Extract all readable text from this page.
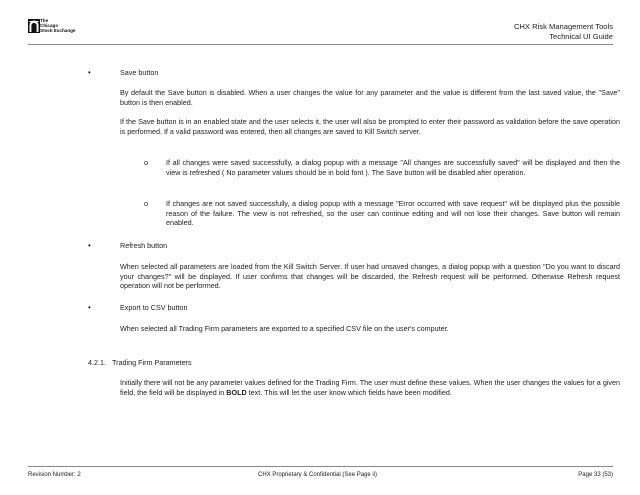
The
Chicago
Stock Exchange	CHX Risk Management Tools
Technical UI Guide
•	Save button
By default the Save button is disabled. When a user changes the value for any parameter and the value is different from the last saved value, the "Save" button is then enabled.
If the Save button is in an enabled state and the user selects it, the user will also be prompted to enter their password as validation before the save operation is performed. If a valid password was entered, then all changes are saved to Kill Switch server.
o If all changes were saved successfully, a dialog popup with a message "All changes are successfully saved" will be displayed and then the view is refreshed ( No parameter values should be in bold font ). The Save button will be disabled after operation.
o If changes are not saved successfully, a dialog popup with a message "Error occurred with save request" will be displayed plus the possible reason of the failure. The view is not refreshed, so the user can continue editing and will not lose their changes. Save button will remain enabled.
•	Refresh button
When selected all parameters are loaded from the Kill Switch Server. If user had unsaved changes, a dialog popup with a question "Do you want to discard your changes?" will be displayed. If user confirms that changes will be discarded, the Refresh request will be performed. Otherwise Refresh request operation will not be performed.
•	Export to CSV button
When selected all Trading Firm parameters are exported to a specified CSV file on the user's computer.
4.2.1. Trading Firm Parameters
Initially there will not be any parameter values defined for the Trading Firm. The user must define these values. When the user changes the values for a given field, the field will be displayed in BOLD text. This will let the user know which fields have been modified.
Revision Number: 2	CHX Proprietary & Confidential (See Page ii)	Page 33 (53)
